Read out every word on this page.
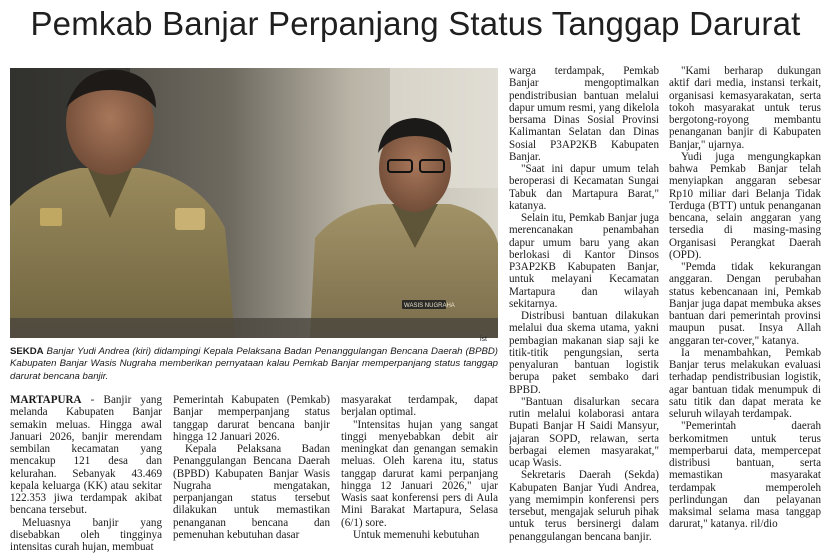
Pemkab Banjar Perpanjang Status Tanggap Darurat
WASIS NUGRAHA
ist
SEKDA Banjar Yudi Andrea (kiri) didampingi Kepala Pelaksana Badan Penanggulangan Bencana Daerah (BPBD) Kabupaten Banjar Wasis Nugraha memberikan pernyataan kalau Pemkab Banjar memperpanjang status tanggap darurat bencana banjir.

MARTAPURA - Banjir yang melanda Kabupaten Banjar semakin meluas. Hingga awal Januari 2026, banjir merendam sembilan kecamatan yang mencakup 121 desa dan kelurahan. Sebanyak 43.469 kepala keluarga (KK) atau sekitar 122.353 jiwa terdampak akibat bencana tersebut.

Meluasnya banjir yang disebabkan oleh tingginya intensitas curah hujan, membuat

Pemerintah Kabupaten (Pemkab) Banjar memperpanjang status tanggap darurat bencana banjir hingga 12 Januari 2026.

Kepala Pelaksana Badan Penanggulangan Bencana Daerah (BPBD) Kabupaten Banjar Wasis Nugraha mengatakan, perpanjangan status tersebut dilakukan untuk memastikan penanganan bencana dan pemenuhan kebutuhan dasar

masyarakat terdampak, dapat berjalan optimal.

"Intensitas hujan yang sangat tinggi menyebabkan debit air meningkat dan genangan semakin meluas. Oleh karena itu, status tanggap darurat kami perpanjang hingga 12 Januari 2026," ujar Wasis saat konferensi pers di Aula Mini Barakat Martapura, Selasa (6/1) sore.

Untuk memenuhi kebutuhan

warga terdampak, Pemkab Banjar mengoptimalkan pendistribusian bantuan melalui dapur umum resmi, yang dikelola bersama Dinas Sosial Provinsi Kalimantan Selatan dan Dinas Sosial P3AP2KB Kabupaten Banjar.

"Saat ini dapur umum telah beroperasi di Kecamatan Sungai Tabuk dan Martapura Barat," katanya.

Selain itu, Pemkab Banjar juga merencanakan penambahan dapur umum baru yang akan berlokasi di Kantor Dinsos P3AP2KB Kabupaten Banjar, untuk melayani Kecamatan Martapura dan wilayah sekitarnya.

Distribusi bantuan dilakukan melalui dua skema utama, yakni pembagian makanan siap saji ke titik-titik pengungsian, serta penyaluran bantuan logistik berupa paket sembako dari BPBD.

"Bantuan disalurkan secara rutin melalui kolaborasi antara Bupati Banjar H Saidi Mansyur, jajaran SOPD, relawan, serta berbagai elemen masyarakat," ucap Wasis.

Sekretaris Daerah (Sekda) Kabupaten Banjar Yudi Andrea, yang memimpin konferensi pers tersebut, mengajak seluruh pihak untuk terus bersinergi dalam penanggulangan bencana banjir.

"Kami berharap dukungan aktif dari media, instansi terkait, organisasi kemasyarakatan, serta tokoh masyarakat untuk terus bergotong-royong membantu penanganan banjir di Kabupaten Banjar," ujarnya.

Yudi juga mengungkapkan bahwa Pemkab Banjar telah menyiapkan anggaran sebesar Rp10 miliar dari Belanja Tidak Terduga (BTT) untuk penanganan bencana, selain anggaran yang tersedia di masing-masing Organisasi Perangkat Daerah (OPD).

"Pemda tidak kekurangan anggaran. Dengan perubahan status kebencanaan ini, Pemkab Banjar juga dapat membuka akses bantuan dari pemerintah provinsi maupun pusat. Insya Allah anggaran ter-cover," katanya.

Ia menambahkan, Pemkab Banjar terus melakukan evaluasi terhadap pendistribusian logistik, agar bantuan tidak menumpuk di satu titik dan dapat merata ke seluruh wilayah terdampak.

"Pemerintah daerah berkomitmen untuk terus memperbarui data, mempercepat distribusi bantuan, serta memastikan masyarakat terdampak memperoleh perlindungan dan pelayanan maksimal selama masa tanggap darurat," katanya. ril/dio
